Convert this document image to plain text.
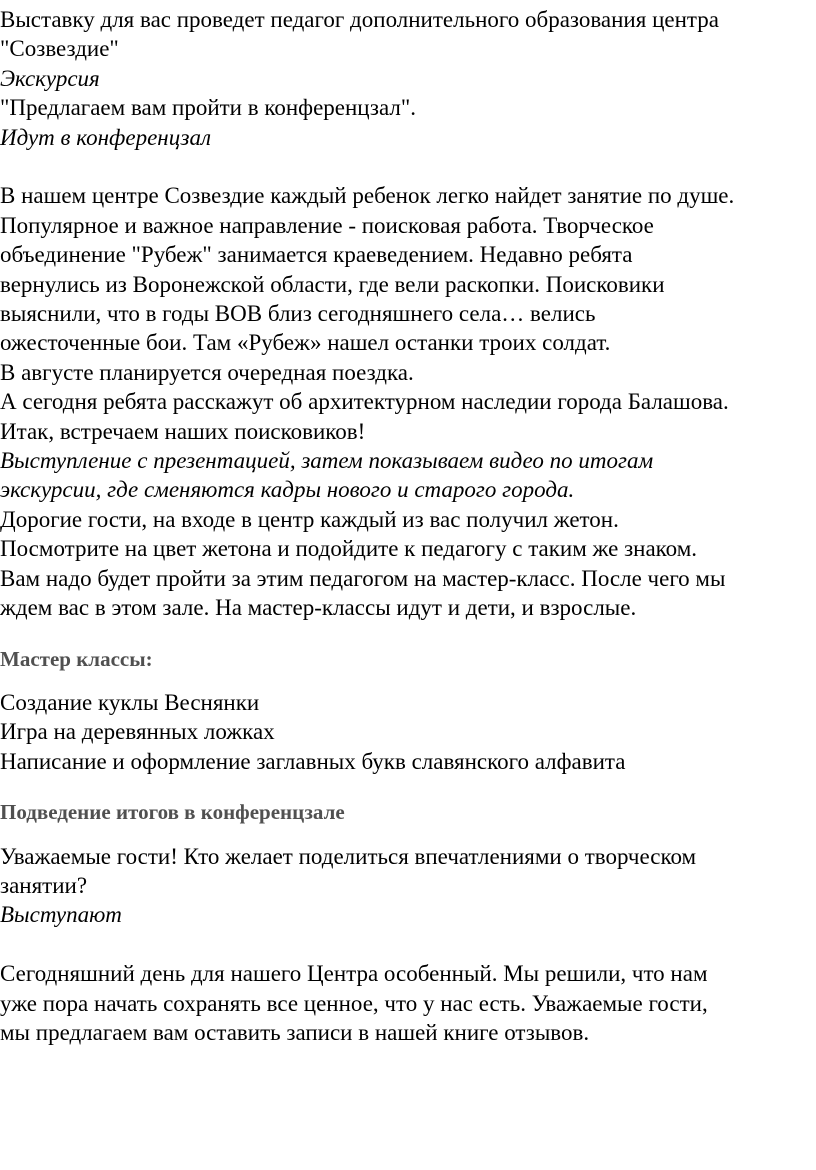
Выставку для вас проведет педагог дополнительного образования центра
"Созвездие"
Экскурсия
"Предлагаем вам пройти в конференцзал".
Идут в конференцзал
В нашем центре Созвездие каждый ребенок легко найдет занятие по душе.
Популярное и важное направление - поисковая работа. Творческое
объединение "Рубеж" занимается краеведением. Недавно ребята
вернулись из Воронежской области, где вели раскопки. Поисковики
выяснили, что в годы ВОВ близ сегодняшнего села… велись
ожесточенные бои. Там «Рубеж» нашел останки троих солдат.
В августе планируется очередная поездка.
А сегодня ребята расскажут об архитектурном наследии города Балашова.
Итак, встречаем наших поисковиков!
Выступление с презентацией, затем показываем видео по итогам
экскурсии, где сменяются кадры нового и старого города.
Дорогие гости, на входе в центр каждый из вас получил жетон.
Посмотрите на цвет жетона и подойдите к педагогу с таким же знаком.
Вам надо будет пройти за этим педагогом на мастер-класс. После чего мы
ждем вас в этом зале. На мастер-классы идут и дети, и взрослые.
Мастер классы:
Создание куклы Веснянки
Игра на деревянных ложках
Написание и оформление заглавных букв славянского алфавита
Подведение итогов в конференцзале
Уважаемые гости! Кто желает поделиться впечатлениями о творческом
занятии?
Выступают
Сегодняшний день для нашего Центра особенный. Мы решили, что нам
уже пора начать сохранять все ценное, что у нас есть. Уважаемые гости,
мы предлагаем вам оставить записи в нашей книге отзывов.
